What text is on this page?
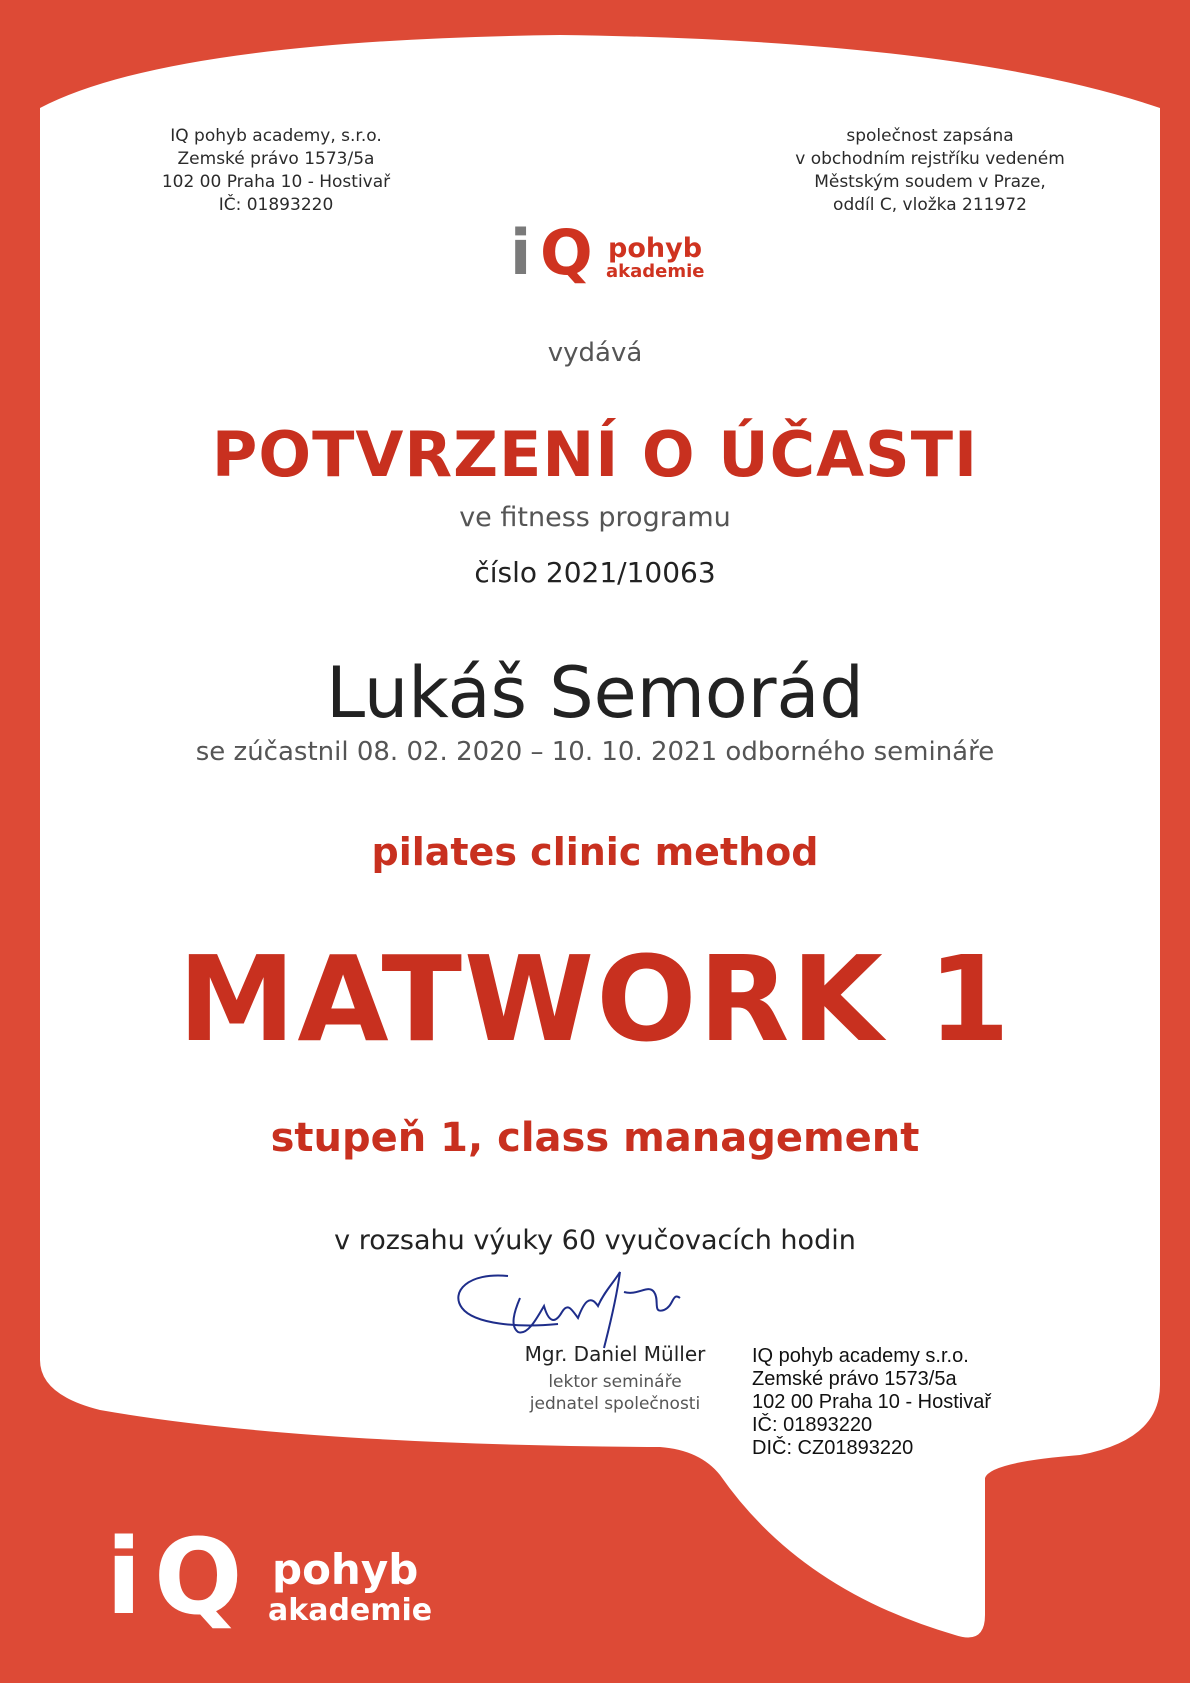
IQ pohyb academy, s.r.o.
Zemské právo 1573/5a
102 00 Praha 10 - Hostivař
IČ: 01893220
společnost zapsána
v obchodním rejstříku vedeném
Městským soudem v Praze,
oddíl C, vložka 211972
i Q pohyb
akademie
vydává
POTVRZENÍ O ÚČASTI
ve fitness programu
číslo 2021/10063
Lukáš Semorád
se zúčastnil 08. 02. 2020 – 10. 10. 2021 odborného semináře
pilates clinic method
MATWORK 1
stupeň 1, class management
v rozsahu výuky 60 vyučovacích hodin
Mgr. Daniel Müller
lektor semináře
jednatel společnosti
IQ pohyb academy s.r.o.
Zemské právo 1573/5a
102 00 Praha 10 - Hostivař
IČ: 01893220
DIČ: CZ01893220
i Q pohyb
akademie
